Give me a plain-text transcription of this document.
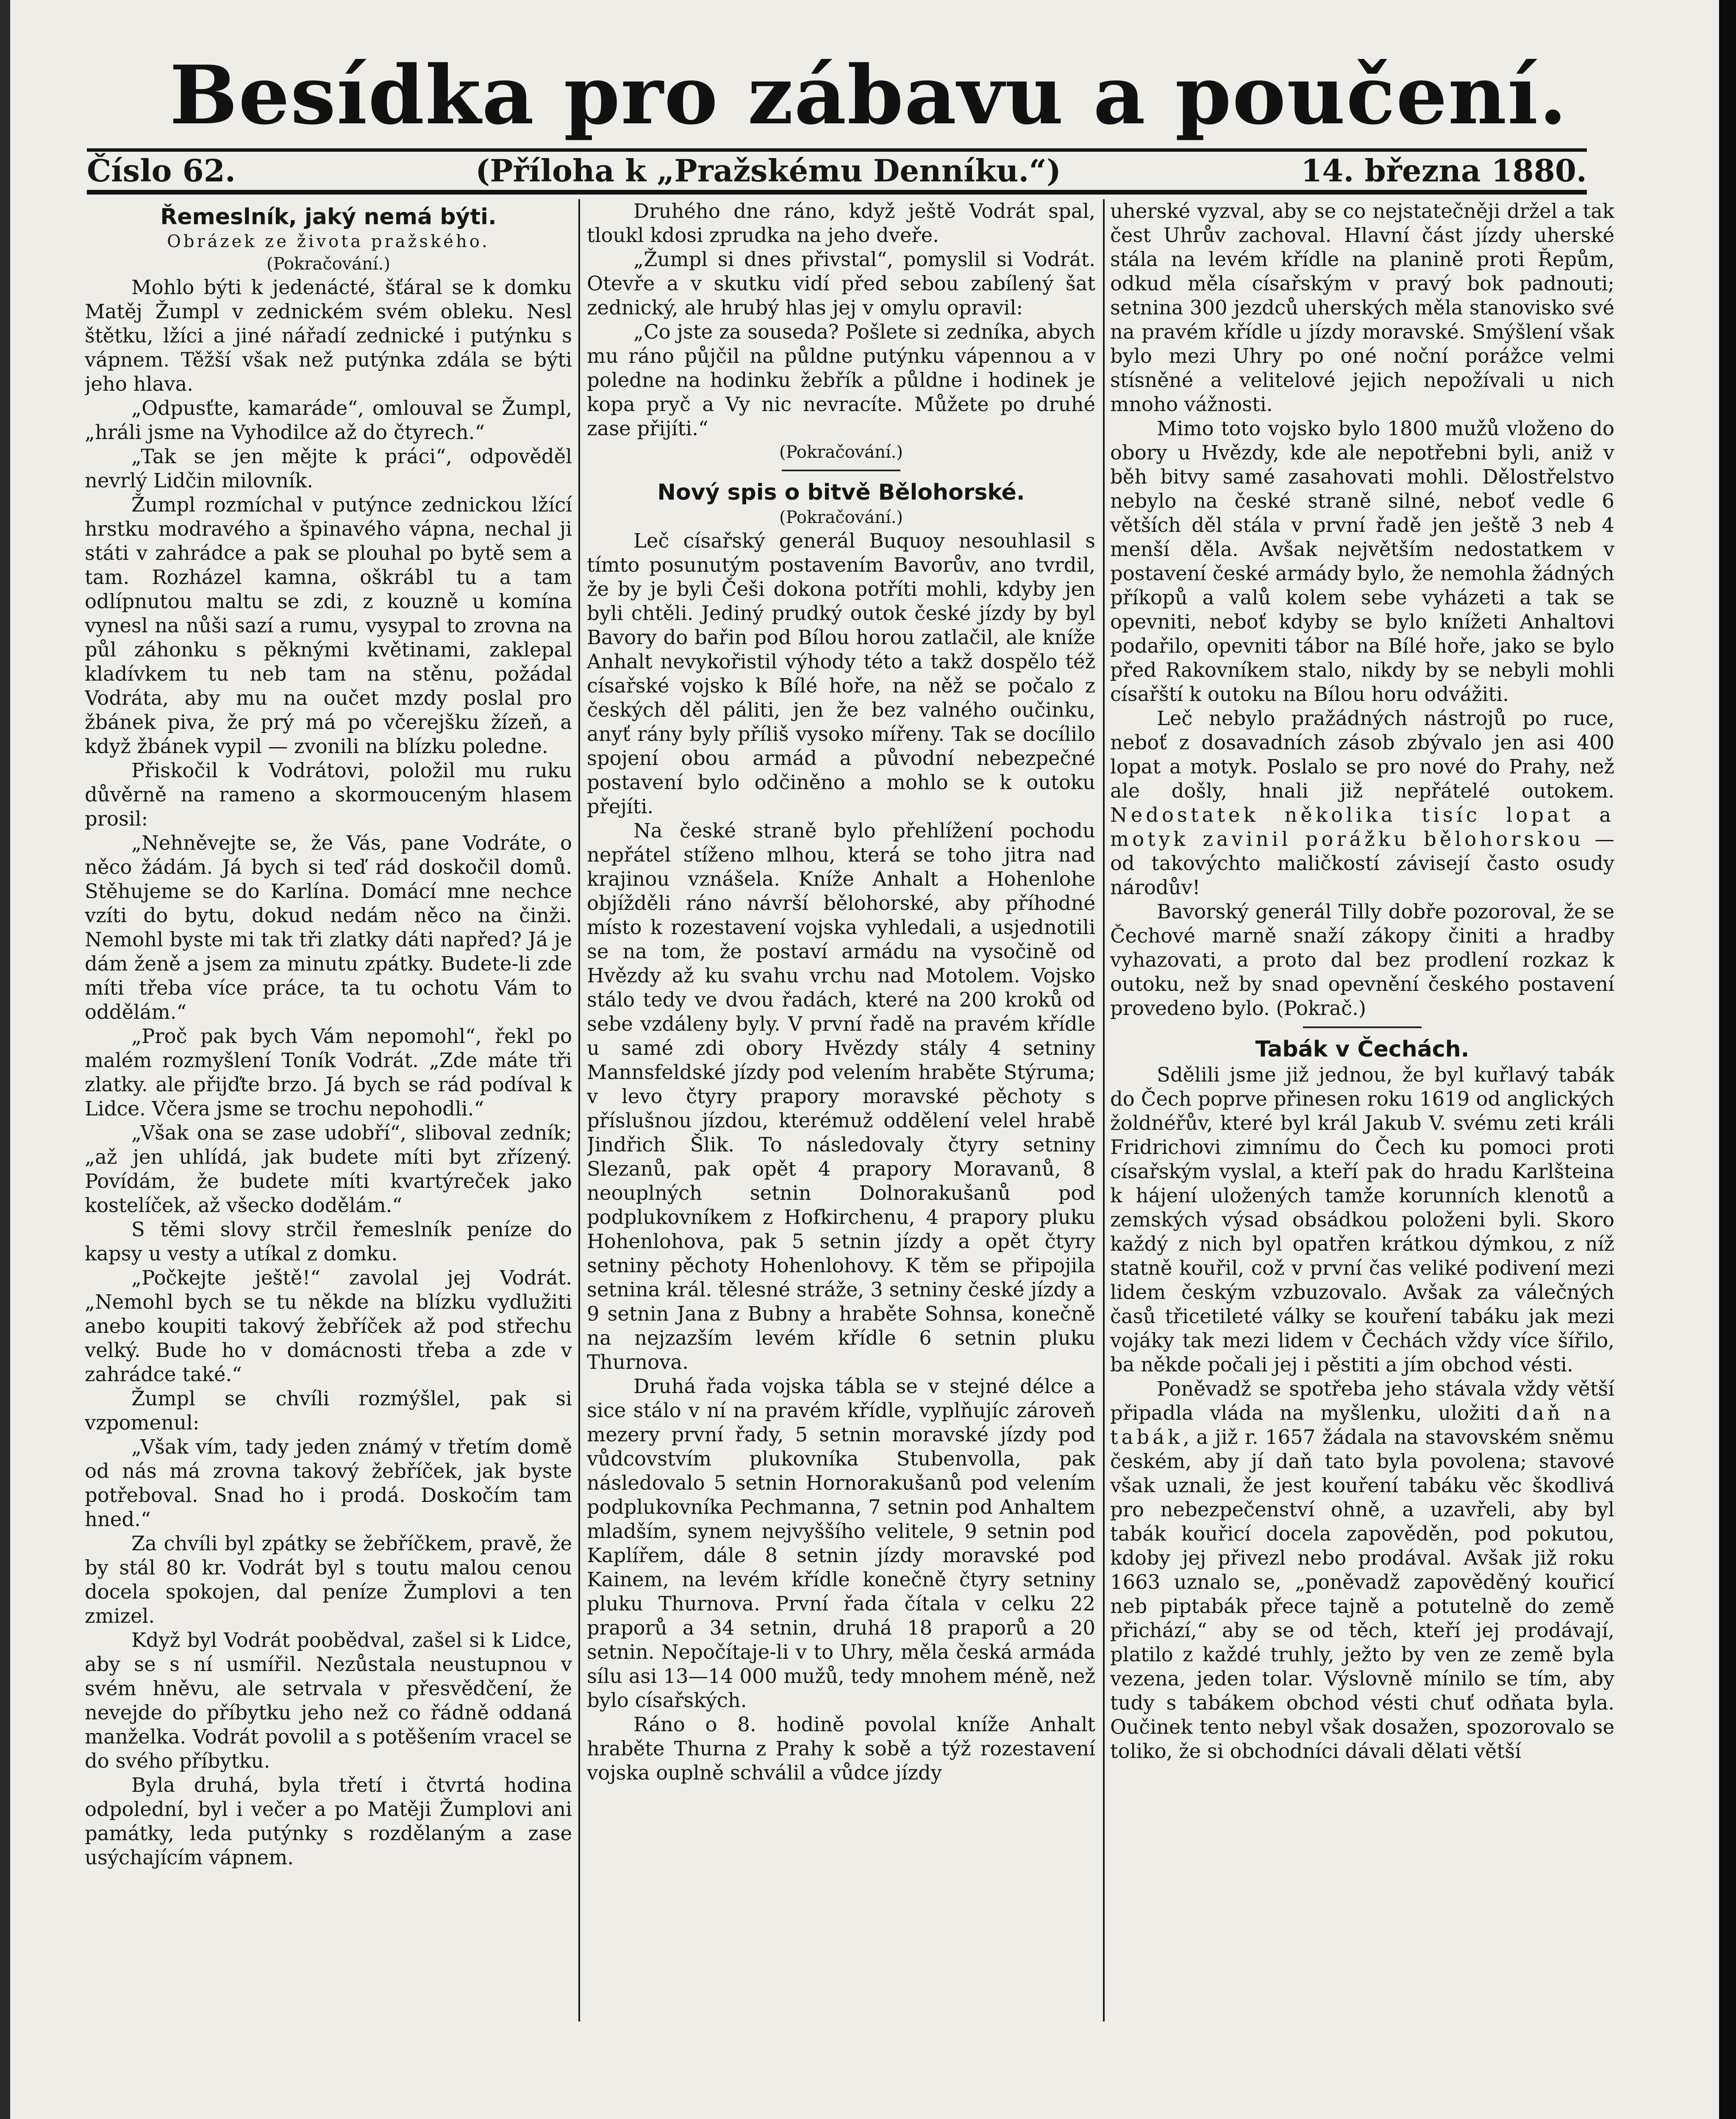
Besídka pro zábavu a poučení.
Číslo 62.	(Příloha k „Pražskému Denníku.“)	14. března 1880.
Řemeslník, jaký nemá býti.
Obrázek ze života pražského.
(Pokračování.)

Mohlo býti k jedenácté, šťáral se k domku Matěj Žumpl v zednickém svém obleku. Nesl štětku, lžíci a jiné nářadí zednické i putýnku s vápnem. Těžší však než putýnka zdála se býti jeho hlava.

„Odpusťte, kamaráde“, omlouval se Žumpl, „hráli jsme na Vyhodilce až do čtyrech.“

„Tak se jen mějte k práci“, odpověděl nevrlý Lidčin milovník.

Žumpl rozmíchal v putýnce zednickou lžící hrstku modravého a špinavého vápna, nechal ji státi v zahrádce a pak se plouhal po bytě sem a tam. Rozházel kamna, oškrábl tu a tam odlípnutou maltu se zdi, z kouzně u komína vynesl na nůši sazí a rumu, vysypal to zrovna na půl záhonku s pěknými květinami, zaklepal kladívkem tu neb tam na stěnu, požádal Vodráta, aby mu na oučet mzdy poslal pro žbánek piva, že prý má po včerejšku žízeň, a když žbánek vypil — zvonili na blízku poledne.

Přiskočil k Vodrátovi, položil mu ruku důvěrně na rameno a skormouceným hlasem prosil:

„Nehněvejte se, že Vás, pane Vodráte, o něco žádám. Já bych si teď rád doskočil domů. Stěhujeme se do Karlína. Domácí mne nechce vzíti do bytu, dokud nedám něco na činži. Nemohl byste mi tak tři zlatky dáti napřed? Já je dám ženě a jsem za minutu zpátky. Budete-li zde míti třeba více práce, ta tu ochotu Vám to oddělám.“

„Proč pak bych Vám nepomohl“, řekl po malém rozmyšlení Toník Vodrát. „Zde máte tři zlatky. ale přijďte brzo. Já bych se rád podíval k Lidce. Včera jsme se trochu nepohodli.“

„Však ona se zase udobří“, sliboval zedník; „až jen uhlídá, jak budete míti byt zřízený. Povídám, že budete míti kvartýreček jako kostelíček, až všecko dodělám.“

S těmi slovy strčil řemeslník peníze do kapsy u vesty a utíkal z domku.

„Počkejte ještě!“ zavolal jej Vodrát. „Nemohl bych se tu někde na blízku vydlužiti anebo koupiti takový žebříček až pod střechu velký. Bude ho v domácnosti třeba a zde v zahrádce také.“

Žumpl se chvíli rozmýšlel, pak si vzpomenul:

„Však vím, tady jeden známý v třetím domě od nás má zrovna takový žebříček, jak byste potřeboval. Snad ho i prodá. Doskočím tam hned.“

Za chvíli byl zpátky se žebříčkem, pravě, že by stál 80 kr. Vodrát byl s toutu malou cenou docela spokojen, dal peníze Žumplovi a ten zmizel.

Když byl Vodrát poobědval, zašel si k Lidce, aby se s ní usmířil. Nezůstala neustupnou v svém hněvu, ale setrvala v přesvědčení, že nevejde do příbytku jeho než co řádně oddaná manželka. Vodrát povolil a s potěšením vracel se do svého příbytku.

Byla druhá, byla třetí i čtvrtá hodina odpolední, byl i večer a po Matěji Žumplovi ani památky, leda putýnky s rozdělaným a zase usýchajícím vápnem.

Druhého dne ráno, když ještě Vodrát spal, tloukl kdosi zprudka na jeho dveře.

„Žumpl si dnes přivstal“, pomyslil si Vodrát. Otevře a v skutku vidí před sebou zabílený šat zednický, ale hrubý hlas jej v omylu opravil:

„Co jste za souseda? Pošlete si zedníka, abych mu ráno půjčil na půldne putýnku vápennou a v poledne na hodinku žebřík a půldne i hodinek je kopa pryč a Vy nic nevracíte. Můžete po druhé zase přijíti.“

(Pokračování.)
Nový spis o bitvě Bělohorské.
(Pokračování.)

Leč císařský generál Buquoy nesouhlasil s tímto posunutým postavením Bavorův, ano tvrdil, že by je byli Češi dokona potříti mohli, kdyby jen byli chtěli. Jediný prudký outok české jízdy by byl Bavory do bařin pod Bílou horou zatlačil, ale kníže Anhalt nevykořistil výhody této a takž dospělo též císařské vojsko k Bílé hoře, na něž se počalo z českých děl páliti, jen že bez valného oučinku, anyť rány byly příliš vysoko mířeny. Tak se docílilo spojení obou armád a původní nebezpečné postavení bylo odčiněno a mohlo se k outoku přejíti.

Na české straně bylo přehlížení pochodu nepřátel stíženo mlhou, která se toho jitra nad krajinou vznášela. Kníže Anhalt a Hohenlohe objížděli ráno návrší bělohorské, aby příhodné místo k rozestavení vojska vyhledali, a usjednotili se na tom, že postaví armádu na vysočině od Hvězdy až ku svahu vrchu nad Motolem. Vojsko stálo tedy ve dvou řadách, které na 200 kroků od sebe vzdáleny byly. V první řadě na pravém křídle u samé zdi obory Hvězdy stály 4 setniny Mannsfeldské jízdy pod velením hraběte Stýruma; v levo čtyry prapory moravské pěchoty s příslušnou jízdou, kterémuž oddělení velel hrabě Jindřich Šlik. To následovaly čtyry setniny Slezanů, pak opět 4 prapory Moravanů, 8 neouplných setnin Dolnorakušanů pod podplukovníkem z Hofkirchenu, 4 prapory pluku Hohenlohova, pak 5 setnin jízdy a opět čtyry setniny pěchoty Hohenlohovy. K těm se připojila setnina král. tělesné stráže, 3 setniny české jízdy a 9 setnin Jana z Bubny a hraběte Sohnsa, konečně na nejzazším levém křídle 6 setnin pluku Thurnova.

Druhá řada vojska tábla se v stejné délce a sice stálo v ní na pravém křídle, vyplňujíc zároveň mezery první řady, 5 setnin moravské jízdy pod vůdcovstvím plukovníka Stubenvolla, pak následovalo 5 setnin Hornorakušanů pod velením podplukovníka Pechmanna, 7 setnin pod Anhaltem mladším, synem nejvyššího velitele, 9 setnin pod Kaplířem, dále 8 setnin jízdy moravské pod Kainem, na levém křídle konečně čtyry setniny pluku Thurnova. První řada čítala v celku 22 praporů a 34 setnin, druhá 18 praporů a 20 setnin. Nepočítaje-li v to Uhry, měla česká armáda sílu asi 13—14 000 mužů, tedy mnohem méně, než bylo císařských.

Ráno o 8. hodině povolal kníže Anhalt hraběte Thurna z Prahy k sobě a týž rozestavení vojska ouplně schválil a vůdce jízdy

uherské vyzval, aby se co nejstatečněji držel a tak čest Uhrův zachoval. Hlavní část jízdy uherské stála na levém křídle na planině proti Řepům, odkud měla císařským v pravý bok padnouti; setnina 300 jezdců uherských měla stanovisko své na pravém křídle u jízdy moravské. Smýšlení však bylo mezi Uhry po oné noční porážce velmi stísněné a velitelové jejich nepožívali u nich mnoho vážnosti.

Mimo toto vojsko bylo 1800 mužů vloženo do obory u Hvězdy, kde ale nepotřebni byli, aniž v běh bitvy samé zasahovati mohli. Dělostřelstvo nebylo na české straně silné, neboť vedle 6 větších děl stála v první řadě jen ještě 3 neb 4 menší děla. Avšak největším nedostatkem v postavení české armády bylo, že nemohla žádných příkopů a valů kolem sebe vyházeti a tak se opevniti, neboť kdyby se bylo knížeti Anhaltovi podařilo, opevniti tábor na Bílé hoře, jako se bylo před Rakovníkem stalo, nikdy by se nebyli mohli císařští k outoku na Bílou horu odvážiti.

Leč nebylo pražádných nástrojů po ruce, neboť z dosavadních zásob zbývalo jen asi 400 lopat a motyk. Poslalo se pro nové do Prahy, než ale došly, hnali již nepřátelé outokem. Nedostatek několika tisíc lopat a motyk zavinil porážku bělohorskou — od takovýchto maličkostí závisejí často osudy národův!

Bavorský generál Tilly dobře pozoroval, že se Čechové marně snaží zákopy činiti a hradby vyhazovati, a proto dal bez prodlení rozkaz k outoku, než by snad opevnění českého postavení provedeno bylo. (Pokrač.)

Tabák v Čechách.

Sdělili jsme již jednou, že byl kuřlavý tabák do Čech poprve přinesen roku 1619 od anglických žoldnéřův, které byl král Jakub V. svému zeti králi Fridrichovi zimnímu do Čech ku pomoci proti císařským vyslal, a kteří pak do hradu Karlšteina k hájení uložených tamže korunních klenotů a zemských výsad obsádkou položeni byli. Skoro každý z nich byl opatřen krátkou dýmkou, z níž statně kouřil, což v první čas veliké podivení mezi lidem českým vzbuzovalo. Avšak za válečných časů třicetileté války se kouření tabáku jak mezi vojáky tak mezi lidem v Čechách vždy více šířilo, ba někde počali jej i pěstiti a jím obchod vésti.

Poněvadž se spotřeba jeho stávala vždy větší připadla vláda na myšlenku, uložiti daň na tabák, a již r. 1657 žádala na stavovském sněmu českém, aby jí daň tato byla povolena; stavové však uznali, že jest kouření tabáku věc škodlivá pro nebezpečenství ohně, a uzavřeli, aby byl tabák kouřicí docela zapověděn, pod pokutou, kdoby jej přivezl nebo prodával. Avšak již roku 1663 uznalo se, „poněvadž zapověděný kouřicí neb piptabák přece tajně a potutelně do země přichází,“ aby se od těch, kteří jej prodávají, platilo z každé truhly, ježto by ven ze země byla vezena, jeden tolar. Výslovně mínilo se tím, aby tudy s tabákem obchod vésti chuť odňata byla. Oučinek tento nebyl však dosažen, spozorovalo se toliko, že si obchodníci dávali dělati větší
